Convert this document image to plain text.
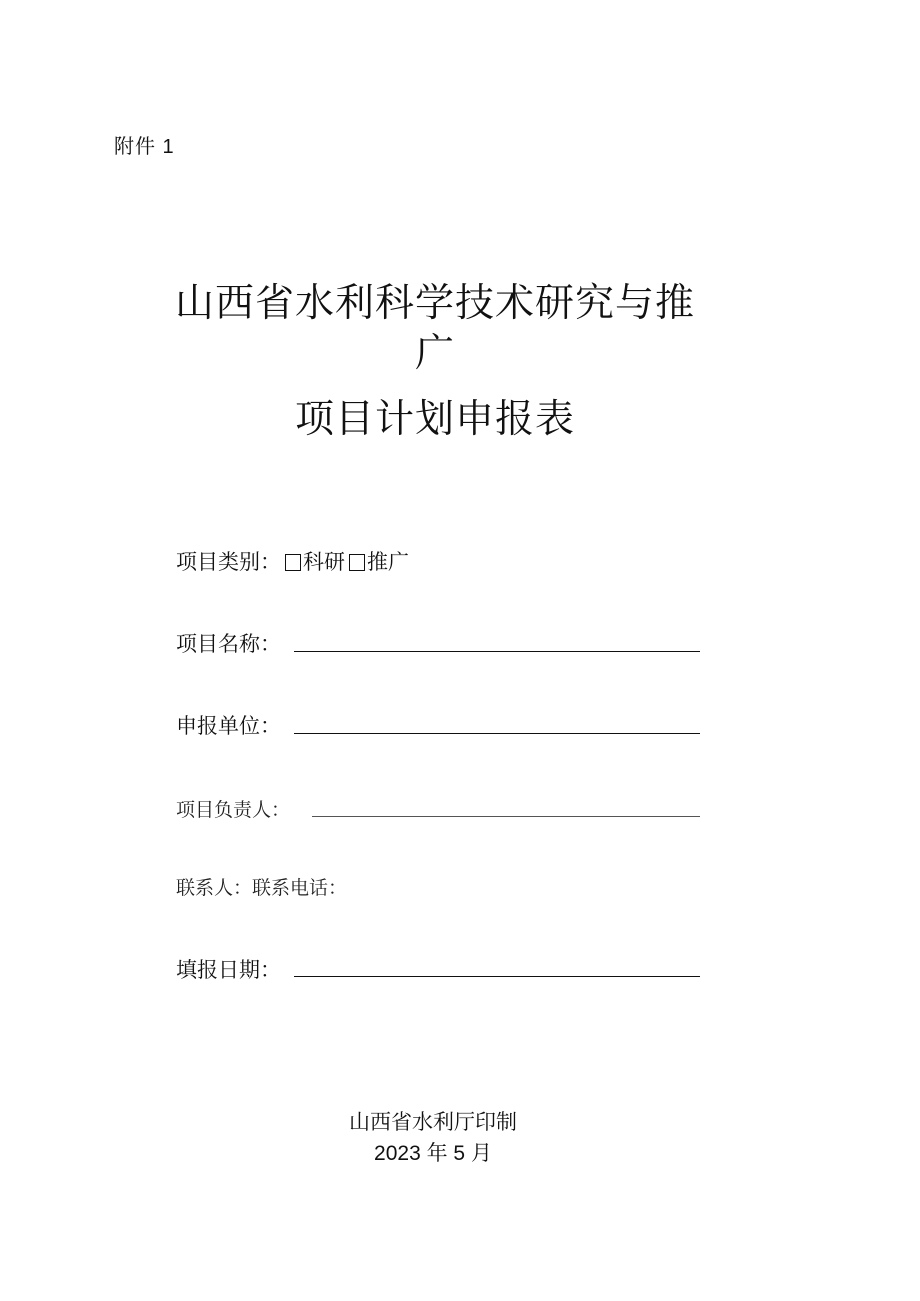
附件 1
山西省水利科学技术研究与推
广
项目计划申报表
项目类别： 科研 推广
项目名称：
申报单位：
项目负责人：
联系人：联系电话：
填报日期：
山西省水利厅印制
2023 年 5 月
